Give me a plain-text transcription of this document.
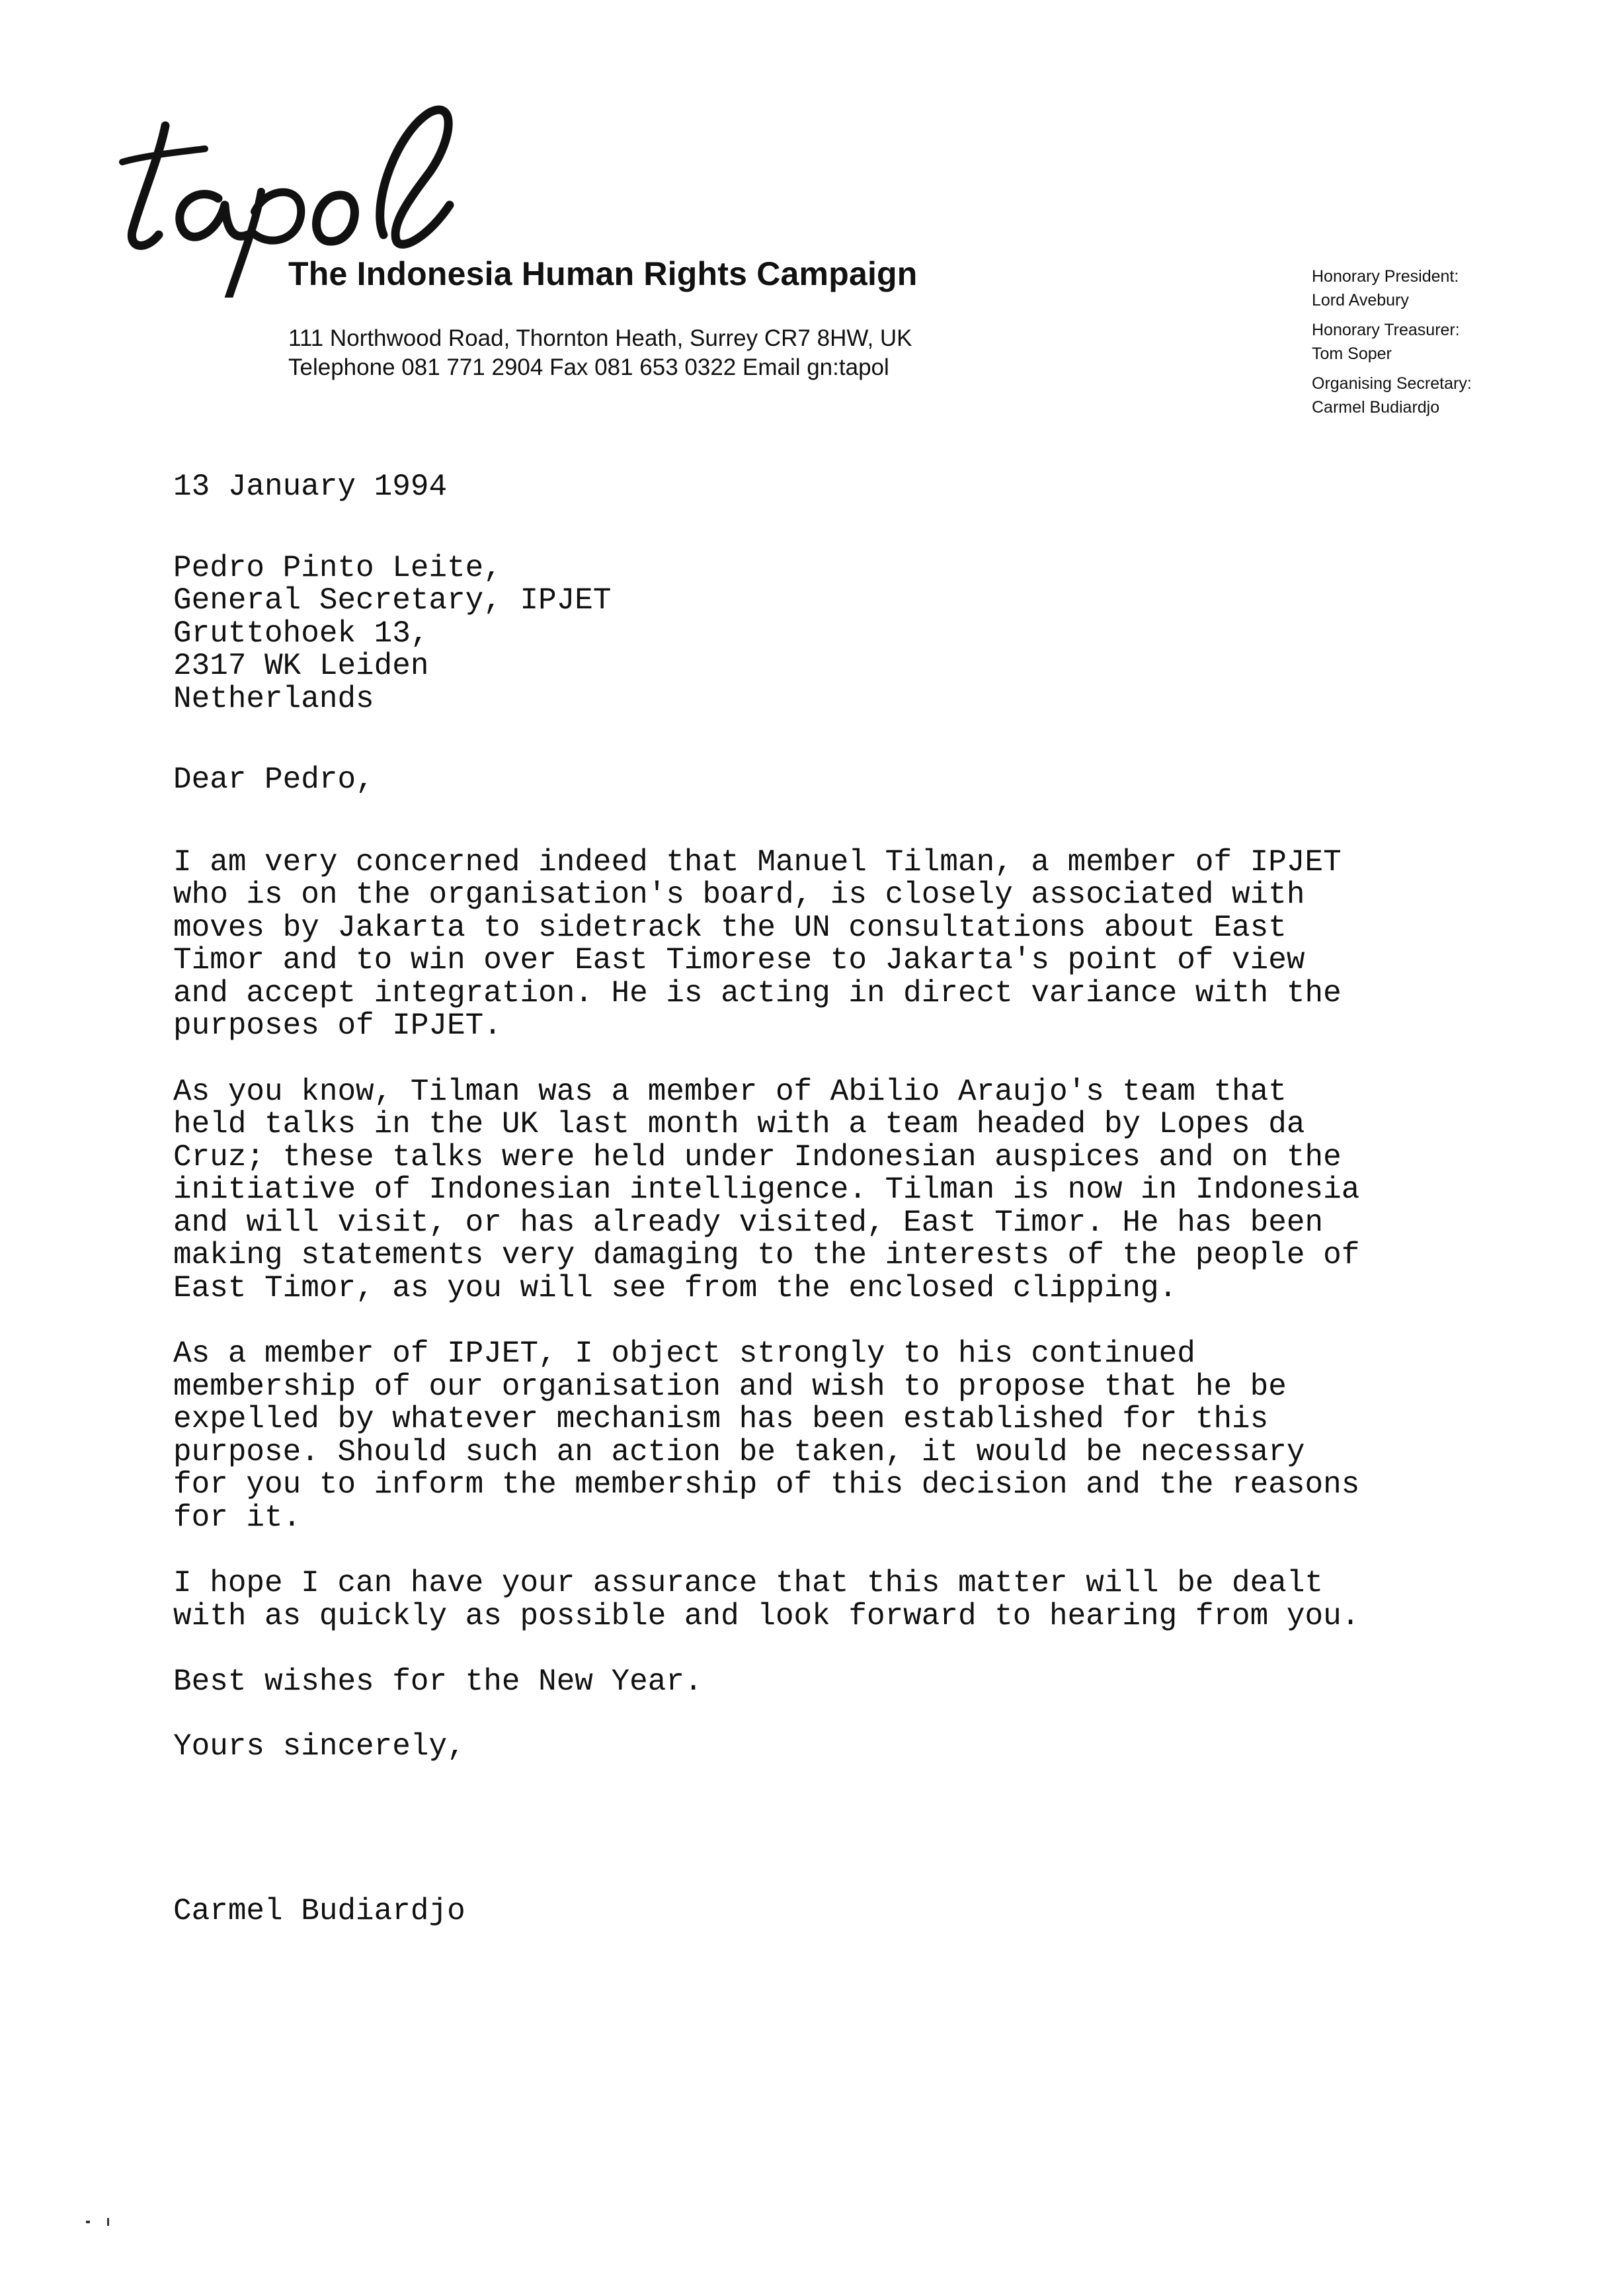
The Indonesia Human Rights Campaign
111 Northwood Road, Thornton Heath, Surrey CR7 8HW, UK
Telephone 081 771 2904 Fax 081 653 0322 Email gn:tapol
Honorary President:
Lord Avebury
Honorary Treasurer:
Tom Soper
Organising Secretary:
Carmel Budiardjo
13 January 1994
Pedro Pinto Leite,
General Secretary, IPJET
Gruttohoek 13,
2317 WK Leiden
Netherlands
Dear Pedro,
I am very concerned indeed that Manuel Tilman, a member of IPJET
who is on the organisation's board, is closely associated with
moves by Jakarta to sidetrack the UN consultations about East
Timor and to win over East Timorese to Jakarta's point of view
and accept integration. He is acting in direct variance with the
purposes of IPJET.
As you know, Tilman was a member of Abilio Araujo's team that
held talks in the UK last month with a team headed by Lopes da
Cruz; these talks were held under Indonesian auspices and on the
initiative of Indonesian intelligence. Tilman is now in Indonesia
and will visit, or has already visited, East Timor. He has been
making statements very damaging to the interests of the people of
East Timor, as you will see from the enclosed clipping.
As a member of IPJET, I object strongly to his continued
membership of our organisation and wish to propose that he be
expelled by whatever mechanism has been established for this
purpose. Should such an action be taken, it would be necessary
for you to inform the membership of this decision and the reasons
for it.
I hope I can have your assurance that this matter will be dealt
with as quickly as possible and look forward to hearing from you.
Best wishes for the New Year.
Yours sincerely,
Carmel Budiardjo
